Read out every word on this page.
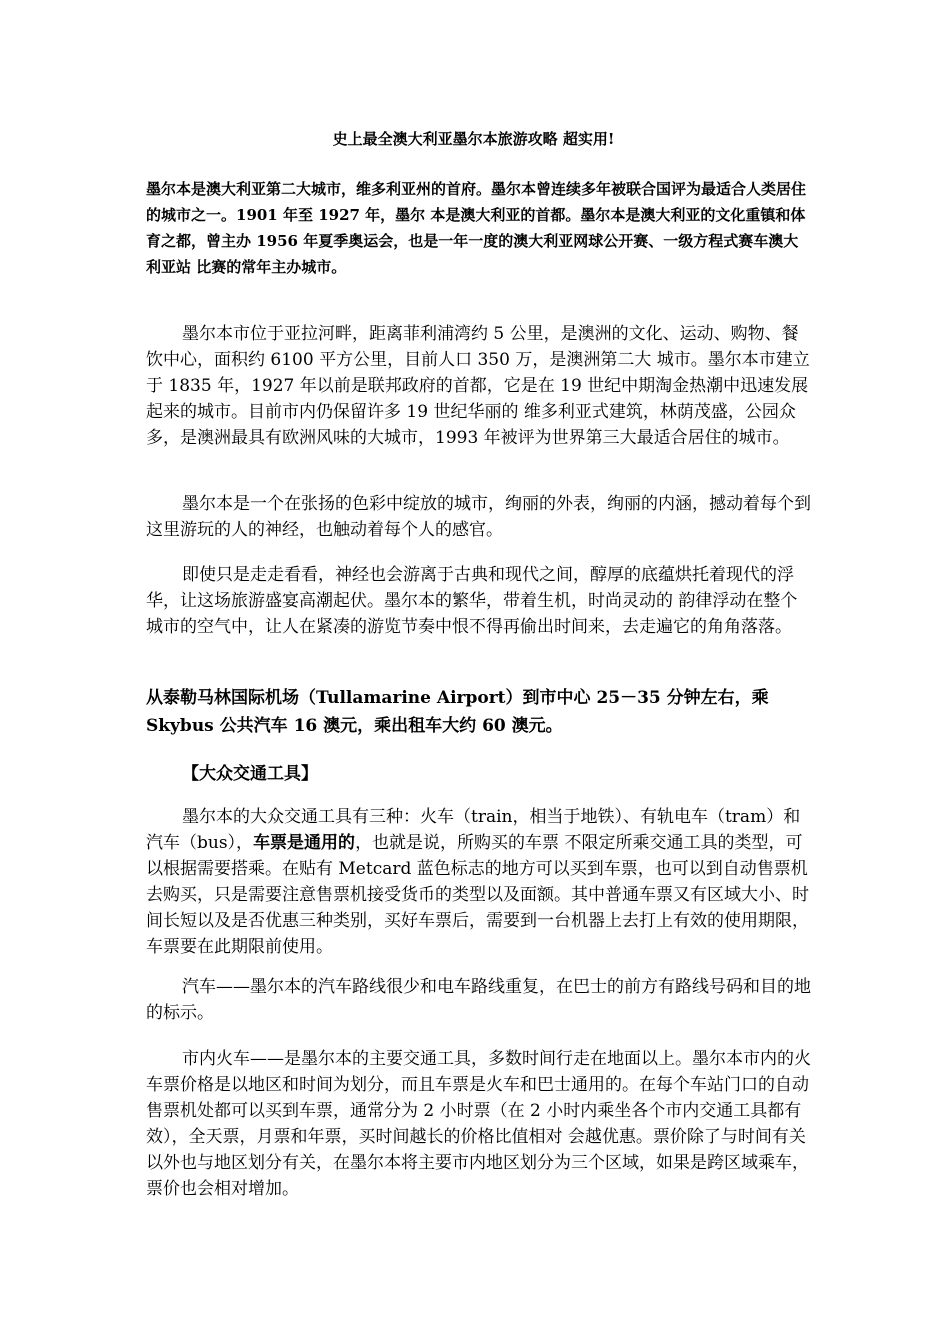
史上最全澳大利亚墨尔本旅游攻略 超实用!

墨尔本是澳大利亚第二大城市，维多利亚州的首府。墨尔本曾连续多年被联合国评为最适合人类居住的城市之一。1901 年至 1927 年，墨尔 本是澳大利亚的首都。墨尔本是澳大利亚的文化重镇和体育之都，曾主办 1956 年夏季奥运会，也是一年一度的澳大利亚网球公开赛、一级方程式赛车澳大利亚站 比赛的常年主办城市。

墨尔本市位于亚拉河畔，距离菲利浦湾约 5 公里，是澳洲的文化、运动、购物、餐饮中心，面积约 6100 平方公里，目前人口 350 万，是澳洲第二大 城市。墨尔本市建立于 1835 年，1927 年以前是联邦政府的首都，它是在 19 世纪中期淘金热潮中迅速发展起来的城市。目前市内仍保留许多 19 世纪华丽的 维多利亚式建筑，林荫茂盛，公园众多，是澳洲最具有欧洲风味的大城市，1993 年被评为世界第三大最适合居住的城市。

墨尔本是一个在张扬的色彩中绽放的城市，绚丽的外表，绚丽的内涵，撼动着每个到这里游玩的人的神经，也触动着每个人的感官。

即使只是走走看看，神经也会游离于古典和现代之间，醇厚的底蕴烘托着现代的浮华，让这场旅游盛宴高潮起伏。墨尔本的繁华，带着生机，时尚灵动的 韵律浮动在整个城市的空气中，让人在紧凑的游览节奏中恨不得再偷出时间来，去走遍它的角角落落。

从泰勒马林国际机场（Tullamarine Airport）到市中心 25－35 分钟左右，乘 Skybus 公共汽车 16 澳元，乘出租车大约 60 澳元。

【大众交通工具】

墨尔本的大众交通工具有三种：火车（train，相当于地铁）、有轨电车（tram）和汽车（bus），车票是通用的，也就是说，所购买的车票 不限定所乘交通工具的类型，可以根据需要搭乘。在贴有 Metcard 蓝色标志的地方可以买到车票，也可以到自动售票机去购买，只是需要注意售票机接受货币的类型以及面额。其中普通车票又有区域大小、时间长短以及是否优惠三种类别，买好车票后，需要到一台机器上去打上有效的使用期限，车票要在此期限前使用。

汽车——墨尔本的汽车路线很少和电车路线重复，在巴士的前方有路线号码和目的地的标示。

市内火车——是墨尔本的主要交通工具，多数时间行走在地面以上。墨尔本市内的火车票价格是以地区和时间为划分，而且车票是火车和巴士通用的。在每个车站门口的自动售票机处都可以买到车票，通常分为 2 小时票（在 2 小时内乘坐各个市内交通工具都有效），全天票，月票和年票，买时间越长的价格比值相对 会越优惠。票价除了与时间有关以外也与地区划分有关，在墨尔本将主要市内地区划分为三个区域，如果是跨区域乘车，票价也会相对增加。
